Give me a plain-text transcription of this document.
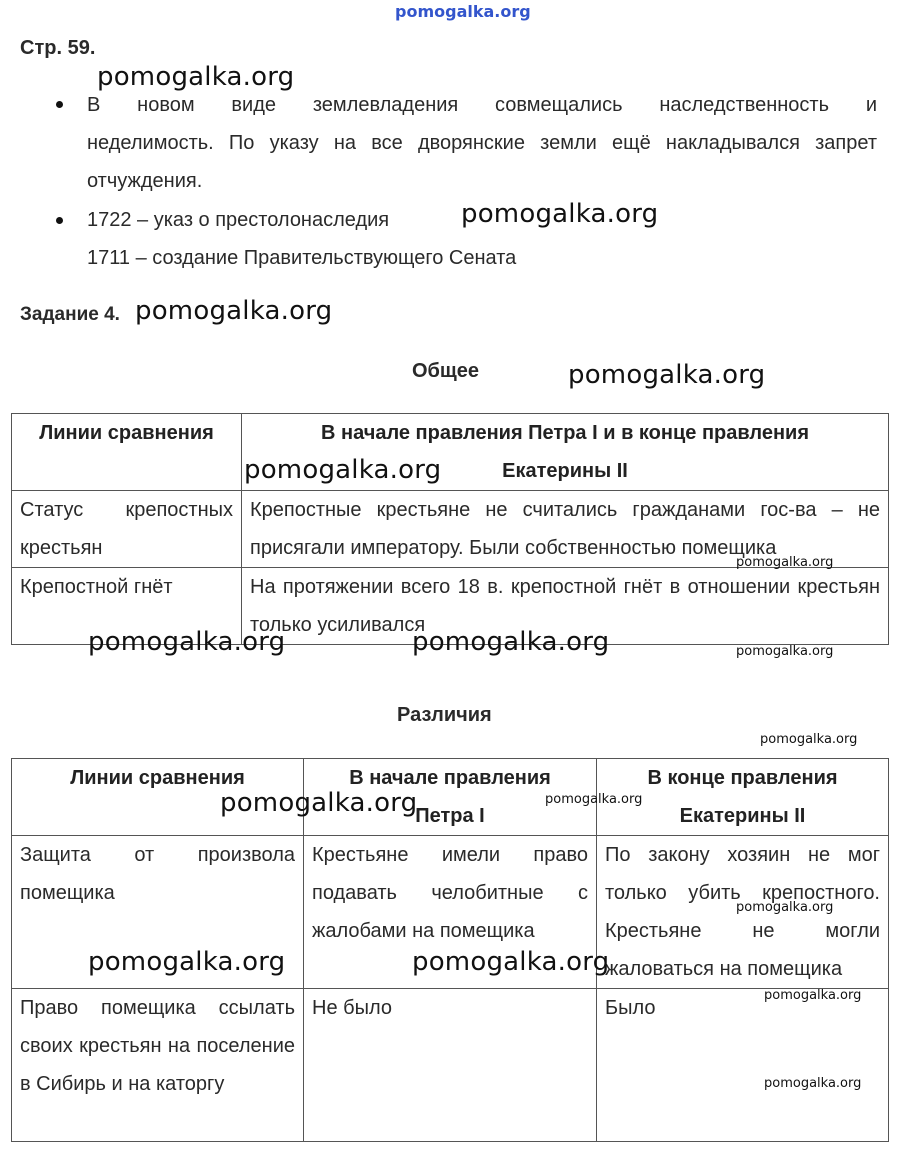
pomogalka.org
Стр. 59.
В новом виде землевладения совмещались наследственность и
неделимость. По указу на все дворянские земли ещё накладывался запрет
отчуждения.
1722 – указ о престолонаследия
1711 – создание Правительствующего Сената
Задание 4.
Общее
Линии сравнения	В начале правления Петра I и в конце правления Екатерины II
Статус крепостных крестьян	Крепостные крестьяне не считались гражданами гос-ва – не присягали императору. Были собственностью помещика
Крепостной гнёт	На протяжении всего 18 в. крепостной гнёт в отношении крестьян только усиливался
Различия
Линии сравнения	В начале правления Петра I	В конце правления Екатерины II
Защита от произвола помещика	Крестьяне имели право подавать челобитные с жалобами на помещика	По закону хозяин не мог только убить крепостного. Крестьяне не могли жаловаться на помещика
Право помещика ссылать своих крестьян на поселение в Сибирь и на каторгу	Не было	Было
pomogalka.org
pomogalka.org
pomogalka.org
pomogalka.org
pomogalka.org
pomogalka.org	pomogalka.org
pomogalka.org
pomogalka.org	pomogalka.org
pomogalka.org
pomogalka.org
pomogalka.org
pomogalka.org
pomogalka.org
pomogalka.org
pomogalka.org
